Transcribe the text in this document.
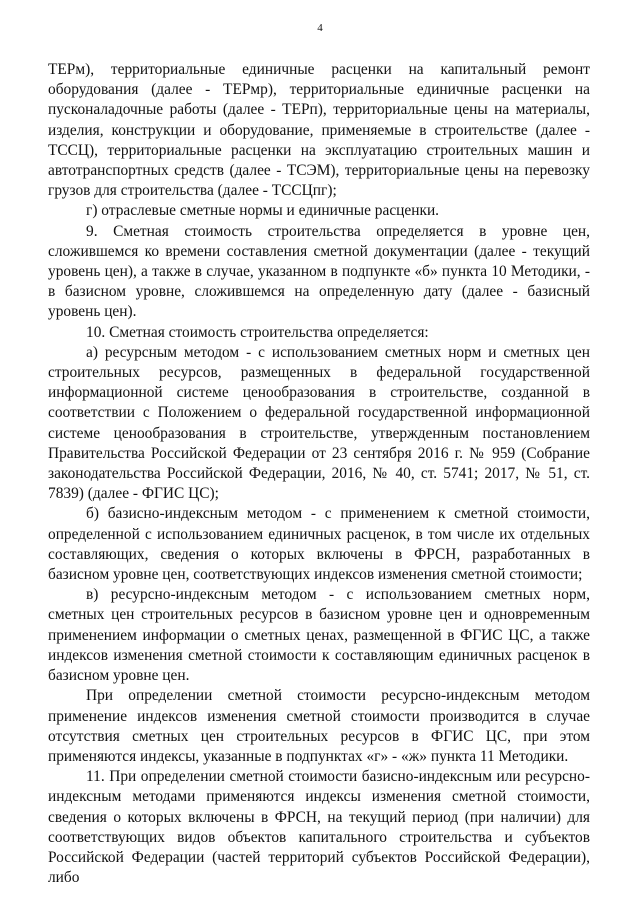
4

ТЕРм), территориальные единичные расценки на капитальный ремонт оборудования (далее - ТЕРмр), территориальные единичные расценки на пусконаладочные работы (далее - ТЕРп), территориальные цены на материалы, изделия, конструкции и оборудование, применяемые в строительстве (далее - ТССЦ), территориальные расценки на эксплуатацию строительных машин и автотранспортных средств (далее - ТСЭМ), территориальные цены на перевозку грузов для строительства (далее - ТССЦпг);

г) отраслевые сметные нормы и единичные расценки.

9. Сметная стоимость строительства определяется в уровне цен, сложившемся ко времени составления сметной документации (далее - текущий уровень цен), а также в случае, указанном в подпункте «б» пункта 10 Методики, - в базисном уровне, сложившемся на определенную дату (далее - базисный уровень цен).

10. Сметная стоимость строительства определяется:

а) ресурсным методом - с использованием сметных норм и сметных цен строительных ресурсов, размещенных в федеральной государственной информационной системе ценообразования в строительстве, созданной в соответствии с Положением о федеральной государственной информационной системе ценообразования в строительстве, утвержденным постановлением Правительства Российской Федерации от 23 сентября 2016 г. № 959 (Собрание законодательства Российской Федерации, 2016, № 40, ст. 5741; 2017, № 51, ст. 7839) (далее - ФГИС ЦС);

б) базисно-индексным методом - с применением к сметной стоимости, определенной с использованием единичных расценок, в том числе их отдельных составляющих, сведения о которых включены в ФРСН, разработанных в базисном уровне цен, соответствующих индексов изменения сметной стоимости;

в) ресурсно-индексным методом - с использованием сметных норм, сметных цен строительных ресурсов в базисном уровне цен и одновременным применением информации о сметных ценах, размещенной в ФГИС ЦС, а также индексов изменения сметной стоимости к составляющим единичных расценок в базисном уровне цен.

При определении сметной стоимости ресурсно-индексным методом применение индексов изменения сметной стоимости производится в случае отсутствия сметных цен строительных ресурсов в ФГИС ЦС, при этом применяются индексы, указанные в подпунктах «г» - «ж» пункта 11 Методики.

11. При определении сметной стоимости базисно-индексным или ресурсно-индексным методами применяются индексы изменения сметной стоимости, сведения о которых включены в ФРСН, на текущий период (при наличии) для соответствующих видов объектов капитального строительства и субъектов Российской Федерации (частей территорий субъектов Российской Федерации), либо
